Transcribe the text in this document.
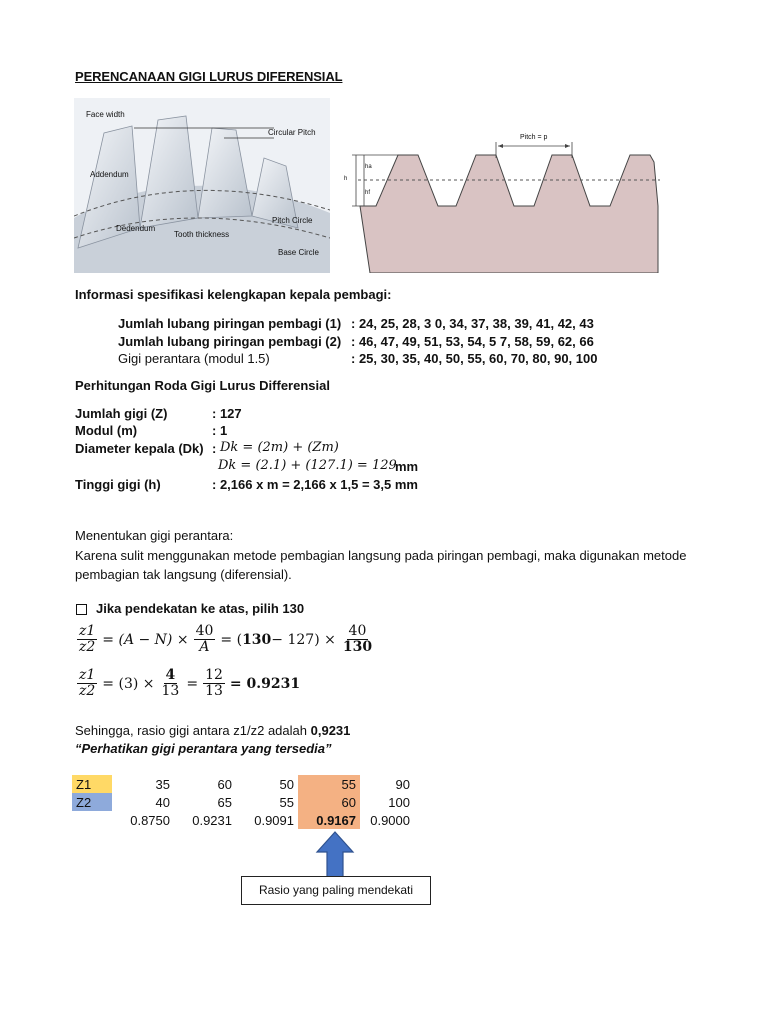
PERENCANAAN GIGI LURUS DIFERENSIAL
Face width
Circular Pitch
Addendum
Dedendum
Tooth thickness
Pitch Circle
Base Circle
Pitch = p
ha
h
hf
Informasi spesifikasi kelengkapan kepala pembagi:
Jumlah lubang piringan pembagi (1) : 24, 25, 28, 3 0, 34, 37, 38, 39, 41, 42, 43
Jumlah lubang piringan pembagi (2) : 46, 47, 49, 51, 53, 54, 5 7, 58, 59, 62, 66
Gigi perantara (modul 1.5)	: 25, 30, 35, 40, 50, 55, 60, 70, 80, 90, 100
Perhitungan Roda Gigi Lurus Differensial
Jumlah gigi (Z)	: 127
Modul (m)	: 1
Diameter kepala (Dk) : Dk = (2m) + (Zm)
Dk = (2.1) + (127.1) = 129
mm
Tinggi gigi (h)	: 2,166 x m = 2,166 x 1,5 = 3,5 mm
Menentukan gigi perantara:
Karena sulit menggunakan metode pembagian langsung pada piringan pembagi, maka digunakan metode pembagian tak langsung (diferensial).
Jika pendekatan ke atas, pilih 130
$\frac{z1}{z2} = (A - N) \times \frac{40}{A}$ = ( $130 - 127) \times \frac{40}{130}$
$\frac{z1}{z2} = (3) \times \frac{4}{13} = \frac{12}{13} = 0.9231$
Sehingga, rasio gigi antara z1/z2 adalah 0,9231
“Perhatikan gigi perantara yang tersedia”
Z1	35	60	50	55	90
Z2	40	65	55	60	100
	0.8750	0.9231	0.9091	0.9167	0.9000
Rasio yang paling mendekati
